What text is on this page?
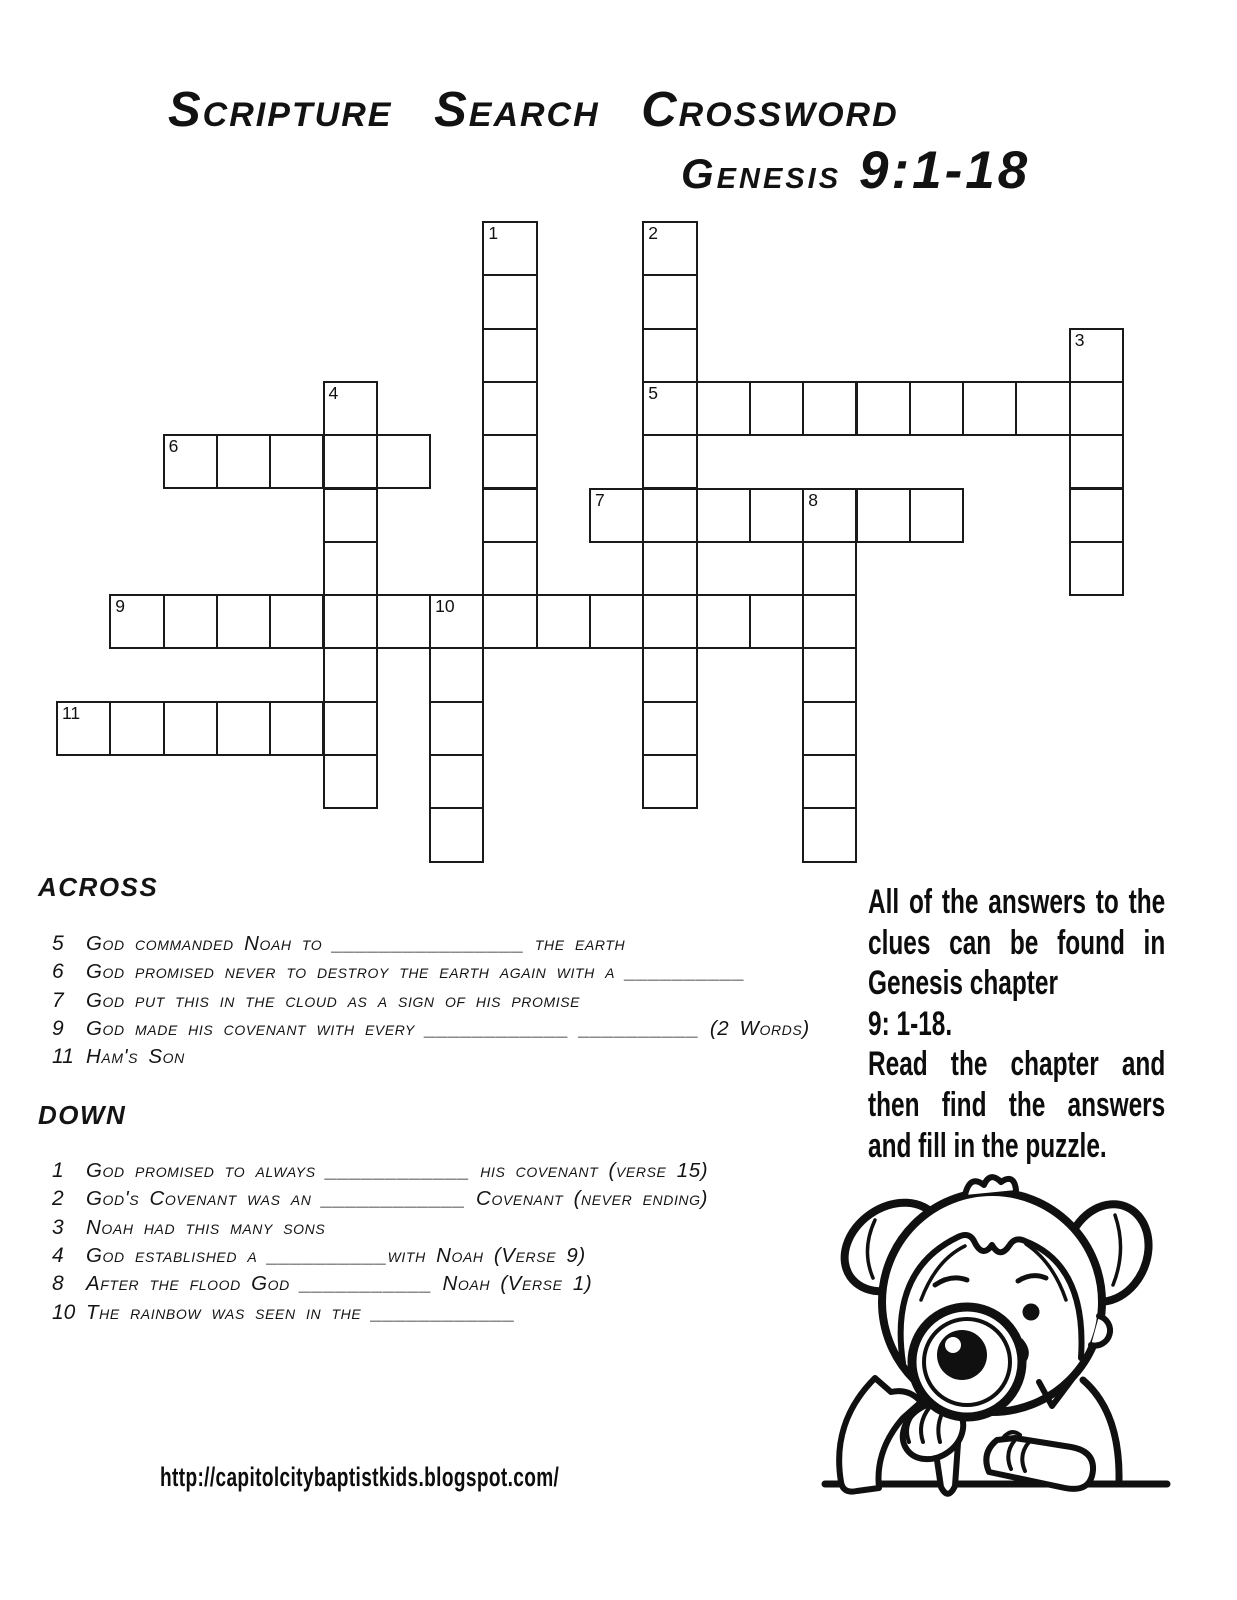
Scripture Search Crossword
Genesis 9:1-18
1	2
5
3
4
6
7	8
9	10
11
ACROSS
5	God commanded Noah to ________________ the earth
6	God promised never to destroy the earth again with a __________
7	God put this in the cloud as a sign of his promise
9	God made his covenant with every ____________ __________ (2 Words)
11 Ham's Son
DOWN
1	God promised to always ____________ his covenant (verse 15)
2	God's Covenant was an ____________ Covenant (never ending)
3	Noah had this many sons
4	God established a __________with Noah (Verse 9)
8	After the flood God ___________ Noah (Verse 1)
10 The rainbow was seen in the ____________
All of the answers to the
clues can be found in
Genesis chapter
9: 1-18.
Read the chapter and
then find the answers
and fill in the puzzle.
http://capitolcitybaptistkids.blogspot.com/
